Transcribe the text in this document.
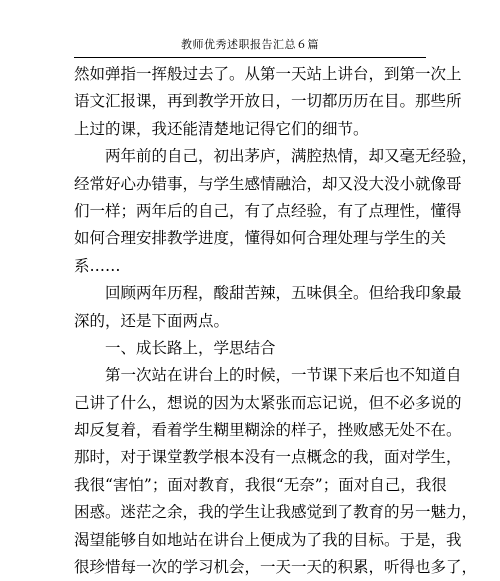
教师优秀述职报告汇总６篇
然如弹指一挥般过去了。从第一天站上讲台，到第一次上
语文汇报课，再到教学开放日，一切都历历在目。那些所
上过的课，我还能清楚地记得它们的细节。
两年前的自己，初出茅庐，满腔热情，却又毫无经验，
经常好心办错事，与学生感情融洽，却又没大没小就像哥
们一样；两年后的自己，有了点经验，有了点理性，懂得
如何合理安排教学进度，懂得如何合理处理与学生的关
系……
回顾两年历程，酸甜苦辣，五味俱全。但给我印象最
深的，还是下面两点。
一、成长路上，学思结合
第一次站在讲台上的时候，一节课下来后也不知道自
己讲了什么，想说的因为太紧张而忘记说，但不必多说的
却反复着，看着学生糊里糊涂的样子，挫败感无处不在。
那时，对于课堂教学根本没有一点概念的我，面对学生，
我很“害怕”；面对教育，我很“无奈”；面对自己，我很
困惑。迷茫之余，我的学生让我感觉到了教育的另一魅力，
渴望能够自如地站在讲台上便成为了我的目标。于是，我
很珍惜每一次的学习机会，一天一天的积累，听得也多了，
